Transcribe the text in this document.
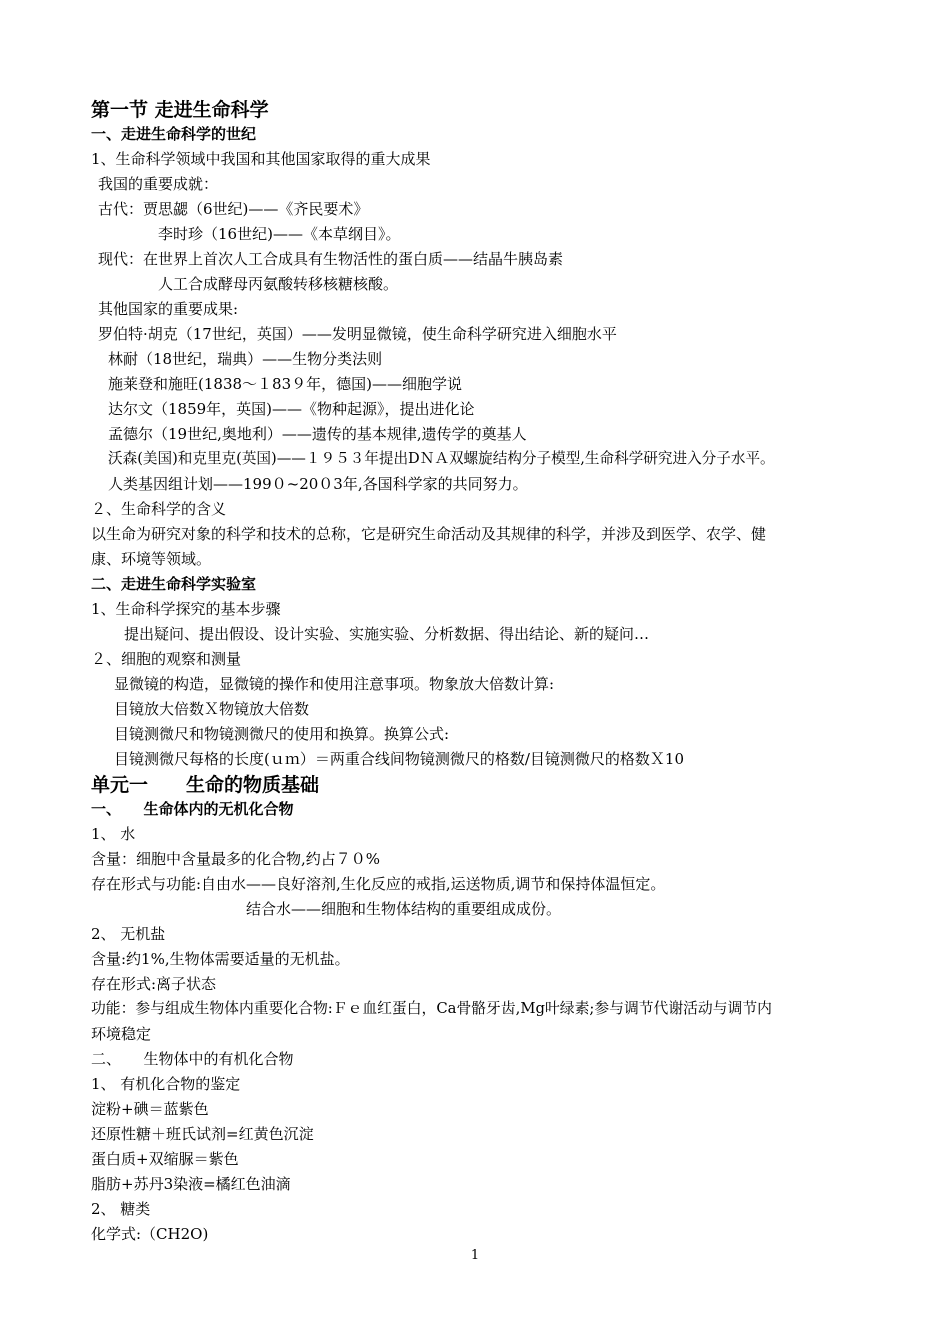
第一节 走进生命科学
一、走进生命科学的世纪
1、生命科学领域中我国和其他国家取得的重大成果
我国的重要成就：
古代：贾思勰（6世纪)——《齐民要术》
李时珍（16世纪)——《本草纲目》。
现代：在世界上首次人工合成具有生物活性的蛋白质——结晶牛胰岛素
人工合成酵母丙氨酸转移核糖核酸。
其他国家的重要成果:
罗伯特·胡克（17世纪，英国）——发明显微镜，使生命科学研究进入细胞水平
林耐（18世纪，瑞典）——生物分类法则
施莱登和施旺(1838～１83９年，德国)——细胞学说
达尔文（1859年，英国)——《物种起源》，提出进化论
孟德尔（19世纪,奥地利）——遗传的基本规律,遗传学的奠基人
沃森(美国)和克里克(英国)——１９５３年提出DＮＡ双螺旋结构分子模型,生命科学研究进入分子水平。
人类基因组计划——199０~20０3年,各国科学家的共同努力。
２、生命科学的含义
以生命为研究对象的科学和技术的总称，它是研究生命活动及其规律的科学，并涉及到医学、农学、健
康、环境等领域。
二、走进生命科学实验室
1、生命科学探究的基本步骤
提出疑问、提出假设、设计实验、实施实验、分析数据、得出结论、新的疑问…
２、细胞的观察和测量
显微镜的构造，显微镜的操作和使用注意事项。物象放大倍数计算:
目镜放大倍数Ｘ物镜放大倍数
目镜测微尺和物镜测微尺的使用和换算。换算公式:
目镜测微尺每格的长度(ｕｍ）＝两重合线间物镜测微尺的格数/目镜测微尺的格数Ｘ10
单元一　　生命的物质基础
一、　　生命体内的无机化合物
1、 水
含量：细胞中含量最多的化合物,约占７０%
存在形式与功能:自由水——良好溶剂,生化反应的戒指,运送物质,调节和保持体温恒定。
结合水——细胞和生物体结构的重要组成成份。
2、 无机盐
含量:约1%,生物体需要适量的无机盐。
存在形式:离子状态
功能：参与组成生物体内重要化合物:Ｆｅ血红蛋白，Ca骨骼牙齿,Mg叶绿素;参与调节代谢活动与调节内
环境稳定
二、　　生物体中的有机化合物
1、 有机化合物的鉴定
淀粉+碘＝蓝紫色
还原性糖＋班氏试剂=红黄色沉淀
蛋白质+双缩脲＝紫色
脂肪+苏丹3染液=橘红色油滴
2、 糖类
化学式:（CH2O)
1
